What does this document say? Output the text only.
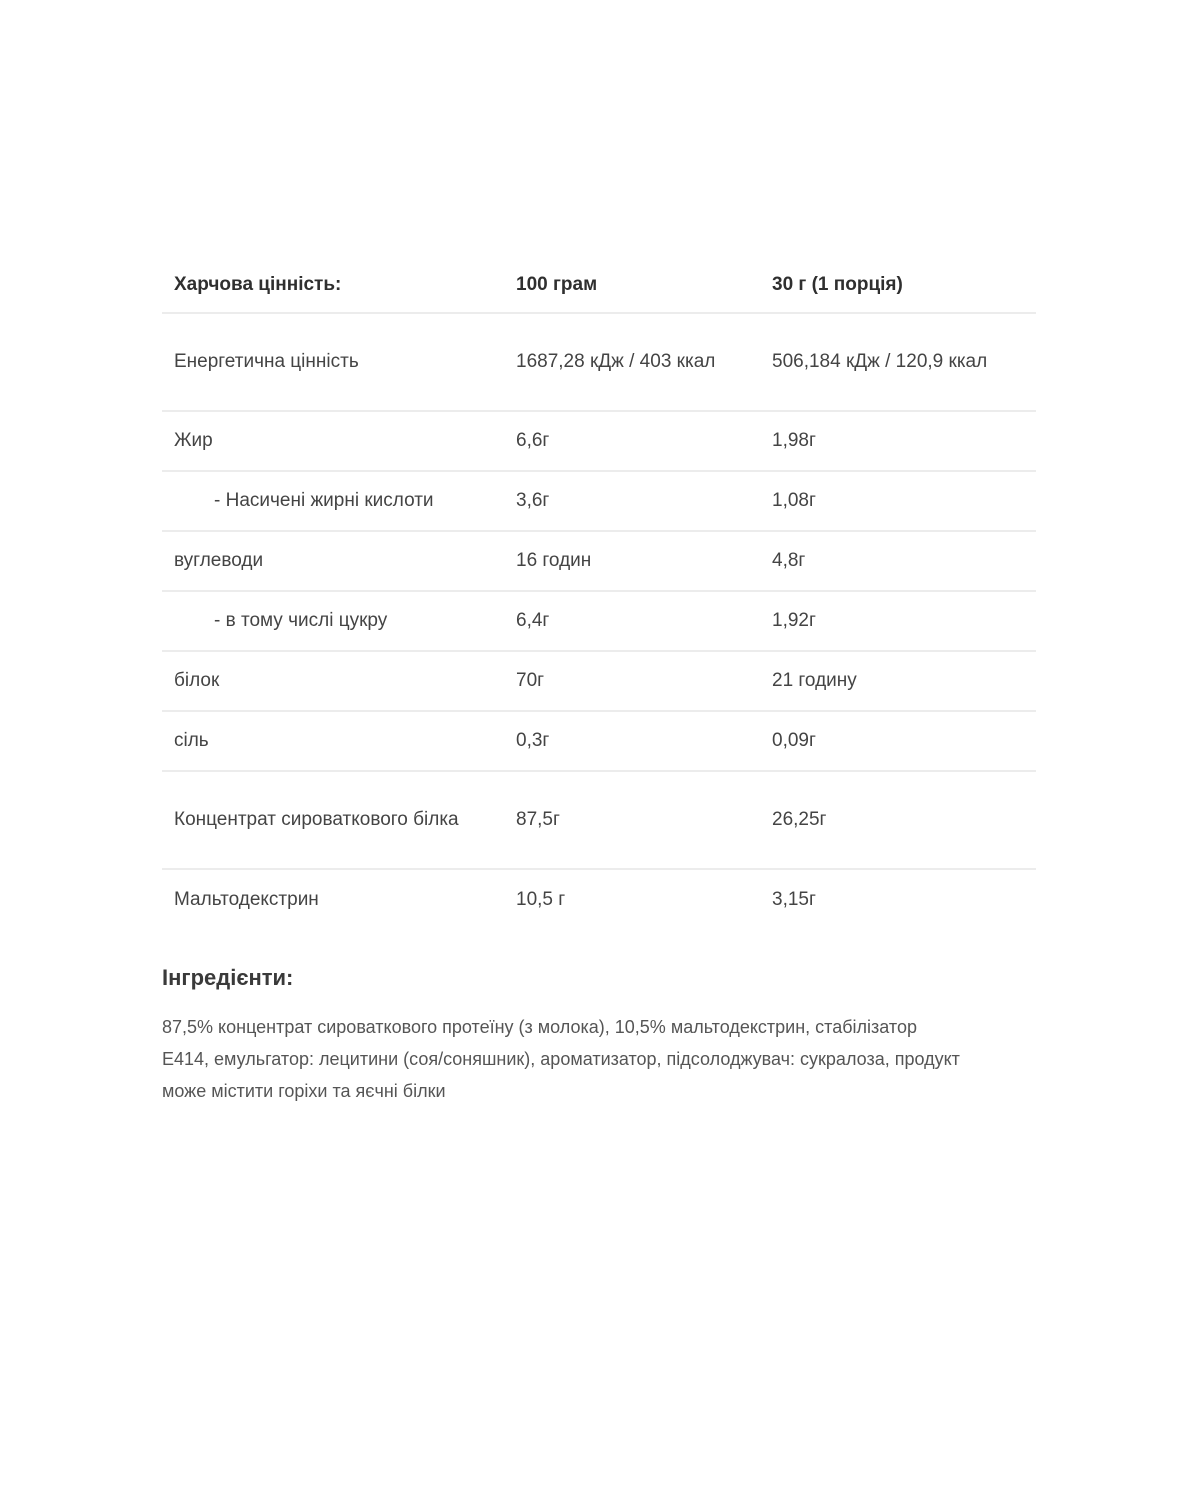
Харчова цінність:	100 грам	30 г (1 порція)
Енергетична цінність	1687,28 кДж / 403 ккал	506,184 кДж / 120,9 ккал
Жир	6,6г	1,98г
- Насичені жирні кислоти	3,6г	1,08г
вуглеводи	16 годин	4,8г
- в тому числі цукру	6,4г	1,92г
білок	70г	21 годину
сіль	0,3г	0,09г
Концентрат сироваткового білка	87,5г	26,25г
Мальтодекстрин	10,5 г	3,15г
Інгредієнти:
87,5% концентрат сироваткового протеїну (з молока), 10,5% мальтодекстрин, стабілізатор E414, емульгатор: лецитини (соя/соняшник), ароматизатор, підсолоджувач: сукралоза, продукт може містити горіхи та яєчні білки
